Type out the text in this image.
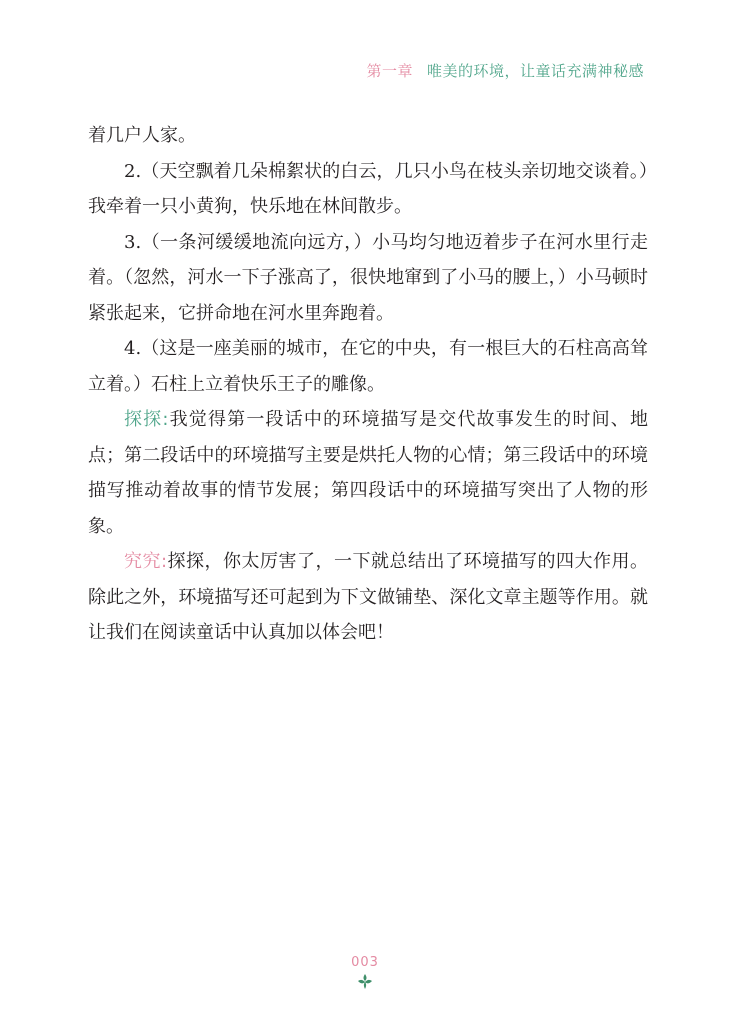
第一章 唯美的环境，让童话充满神秘感

着几户人家。

2.（天空飘着几朵棉絮状的白云，几只小鸟在枝头亲切地交谈着。）我牵着一只小黄狗，快乐地在林间散步。

3.（一条河缓缓地流向远方，）小马均匀地迈着步子在河水里行走着。（忽然，河水一下子涨高了，很快地窜到了小马的腰上，）小马顿时紧张起来，它拼命地在河水里奔跑着。

4.（这是一座美丽的城市，在它的中央，有一根巨大的石柱高高耸立着。）石柱上立着快乐王子的雕像。

探探:我觉得第一段话中的环境描写是交代故事发生的时间、地点；第二段话中的环境描写主要是烘托人物的心情；第三段话中的环境描写推动着故事的情节发展；第四段话中的环境描写突出了人物的形象。

究究:探探，你太厉害了，一下就总结出了环境描写的四大作用。除此之外，环境描写还可起到为下文做铺垫、深化文章主题等作用。就让我们在阅读童话中认真加以体会吧！

003
